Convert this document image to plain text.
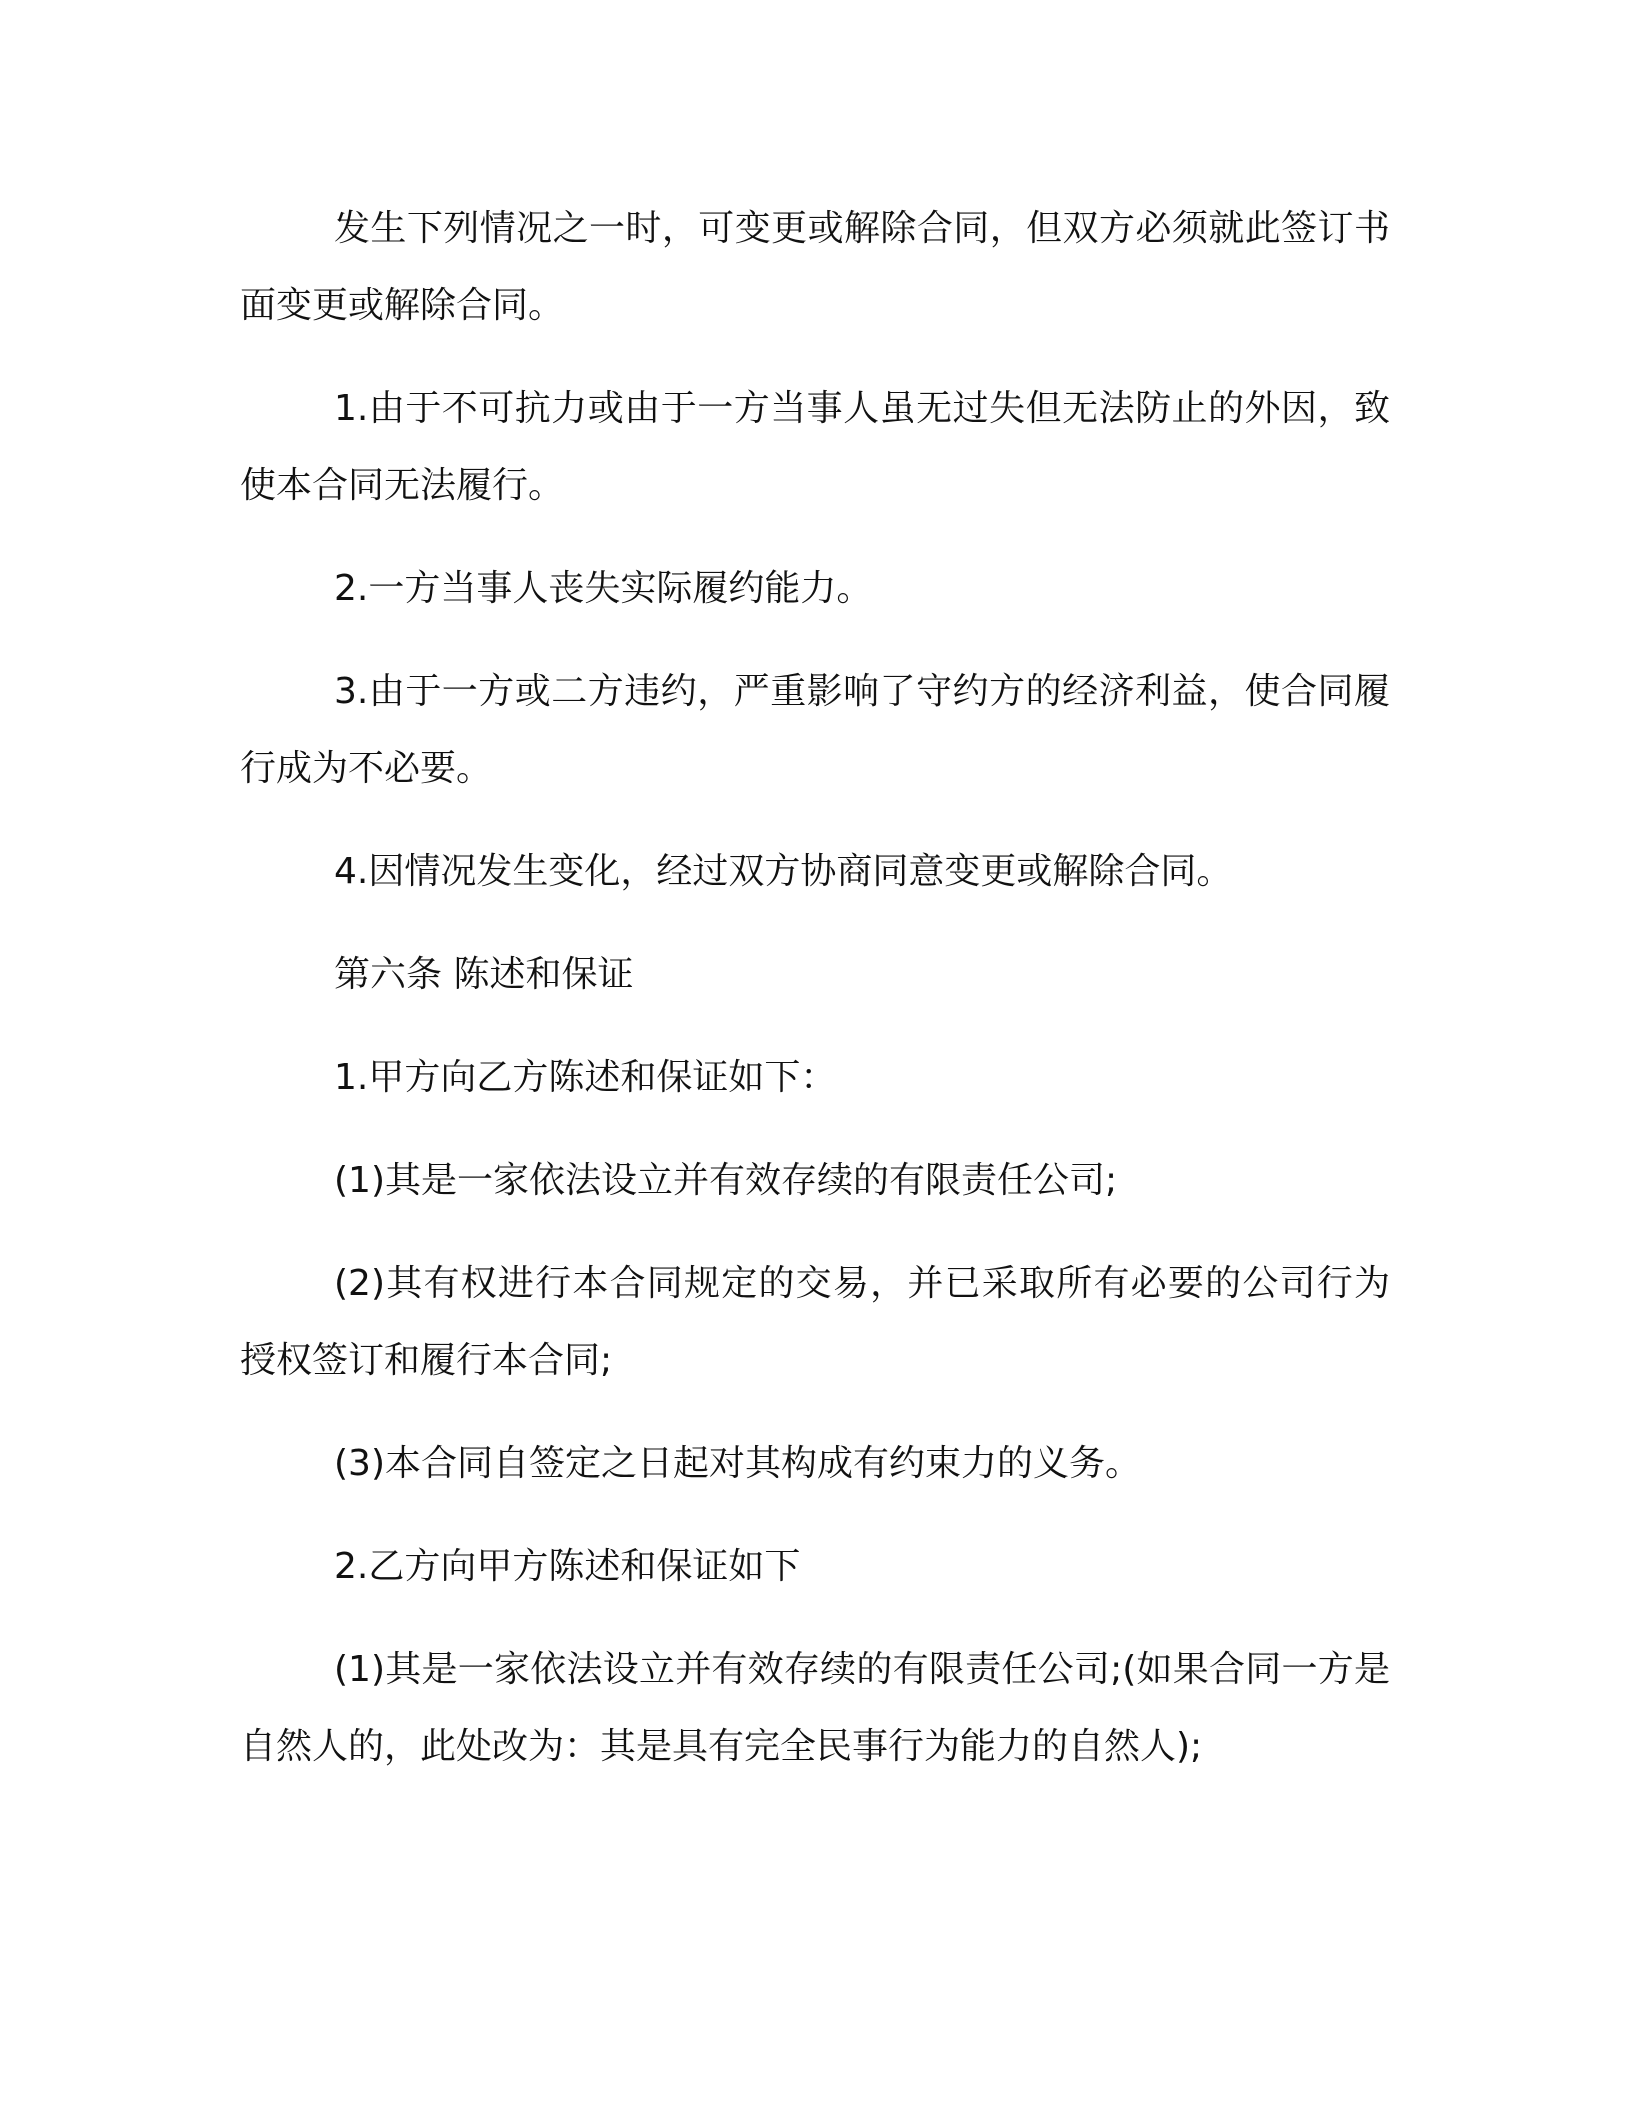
发生下列情况之一时，可变更或解除合同，但双方必须就此签订书面变更或解除合同。

1.由于不可抗力或由于一方当事人虽无过失但无法防止的外因，致使本合同无法履行。

2.一方当事人丧失实际履约能力。

3.由于一方或二方违约，严重影响了守约方的经济利益，使合同履行成为不必要。

4.因情况发生变化，经过双方协商同意变更或解除合同。

第六条 陈述和保证

1.甲方向乙方陈述和保证如下：

(1)其是一家依法设立并有效存续的有限责任公司;

(2)其有权进行本合同规定的交易，并已采取所有必要的公司行为授权签订和履行本合同;

(3)本合同自签定之日起对其构成有约束力的义务。

2.乙方向甲方陈述和保证如下

(1)其是一家依法设立并有效存续的有限责任公司;(如果合同一方是自然人的，此处改为：其是具有完全民事行为能力的自然人);
